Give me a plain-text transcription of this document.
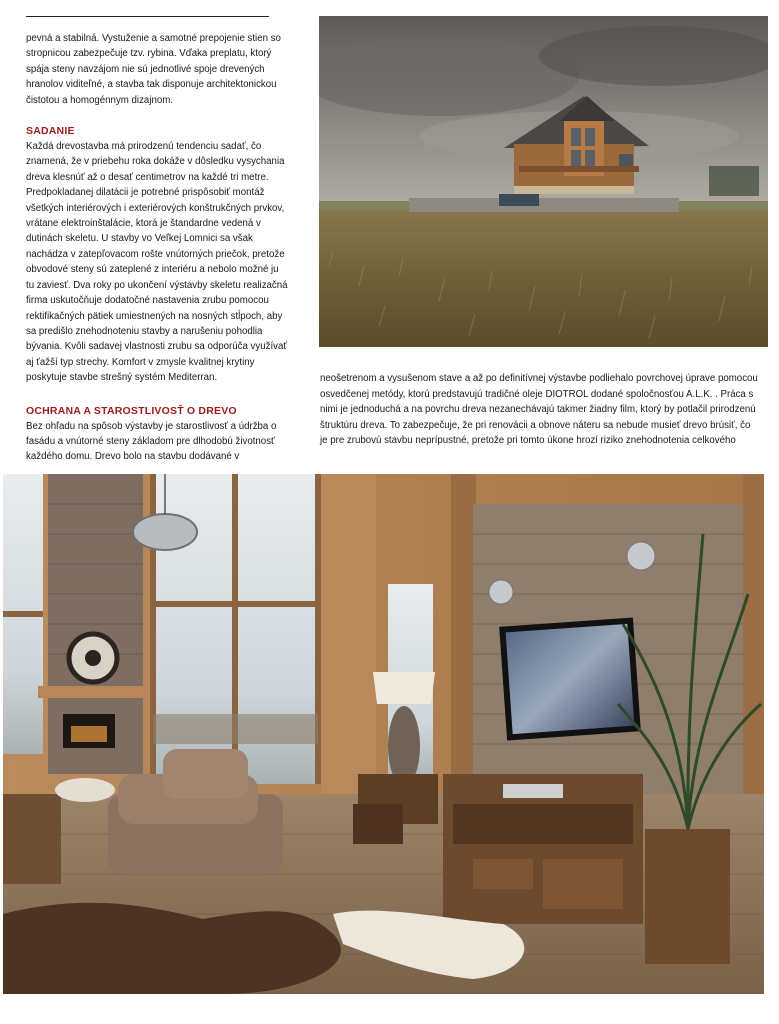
pevná a stabilná. Vystuženie a samotné prepojenie stien so stropnicou zabezpečuje tzv. rybina. Vďaka preplatu, ktorý spája steny navzájom nie sú jednotlivé spoje drevených hranolov viditeľné, a stavba tak disponuje architektonickou čistotou a homogénnym dizajnom.

SADANIE

Každá drevostavba má prirodzenú tendenciu sadať, čo znamená, že v priebehu roka dokáže v dôsledku vysychania dreva klesnúť až o desať centimetrov na každé tri metre. Predpokladanej dilatácii je potrebné prispôsobiť montáž všetkých interiérových i exteriérových konštrukčných prvkov, vrátane elektroinštalácie, ktorá je štandardne vedená v dutinách skeletu. U stavby vo Veľkej Lomnici sa však nachádza v zatepľovacom rošte vnútorných priečok, pretože obvodové steny sú zateplené z interiéru a nebolo možné ju tu zaviesť. Dva roky po ukončení výstavby skeletu realizačná firma uskutočňuje dodatočné nastavenia zrubu pomocou rektifikačných pätiek umiestnených na nosných stĺpoch, aby sa predišlo znehodnoteniu stavby a narušeniu pohodlia bývania. Kvôli sadavej vlastnosti zrubu sa odporúča využívať aj ťažší typ strechy. Komfort v zmysle kvalitnej krytiny poskytuje stavbe strešný systém Mediterran.

OCHRANA A STAROSTLIVOSŤ O DREVO

Bez ohľadu na spôsob výstavby je starostlivosť a údržba o fasádu a vnútorné steny základom pre dlhodobú životnosť každého domu. Drevo bolo na stavbu dodávané v

neošetrenom a vysušenom stave a až po definitívnej výstavbe podliehalo povrchovej úprave pomocou osvedčenej metódy, ktorú predstavujú tradičné oleje DIOTROL dodané spoločnosťou A.L.K. . Práca s nimi je jednoduchá a na povrchu dreva nezanechávajú takmer žiadny film, ktorý by potlačil prirodzenú štruktúru dreva. To zabezpečuje, že pri renovácii a obnove náteru sa nebude musieť drevo brúsiť, čo je pre zrubovú stavbu neprípustné, pretože pri tomto úkone hrozí riziko znehodnotenia celkového
